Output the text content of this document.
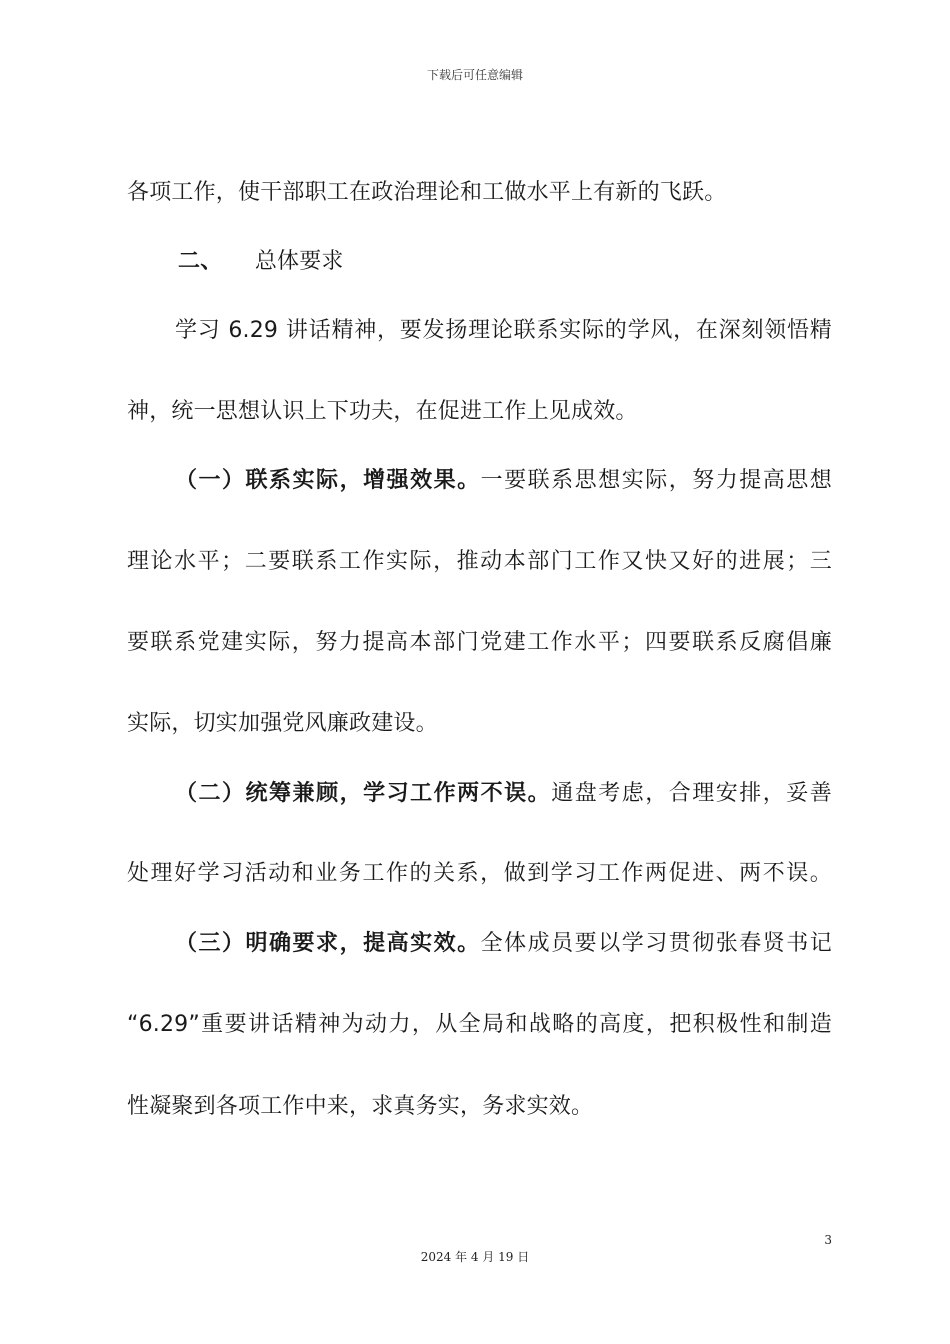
下载后可任意编辑
各项工作，使干部职工在政治理论和工做水平上有新的飞跃。
二、 总体要求
学习 6.29 讲话精神，要发扬理论联系实际的学风，在深刻领悟精
神，统一思想认识上下功夫，在促进工作上见成效。
（一）联系实际，增强效果。一要联系思想实际，努力提高思想
理论水平；二要联系工作实际，推动本部门工作又快又好的进展；三
要联系党建实际，努力提高本部门党建工作水平；四要联系反腐倡廉
实际，切实加强党风廉政建设。
（二）统筹兼顾，学习工作两不误。通盘考虑，合理安排，妥善
处理好学习活动和业务工作的关系，做到学习工作两促进、两不误。
（三）明确要求，提高实效。全体成员要以学习贯彻张春贤书记
“6.29”重要讲话精神为动力，从全局和战略的高度，把积极性和制造
性凝聚到各项工作中来，求真务实，务求实效。
3
2024 年 4 月 19 日
